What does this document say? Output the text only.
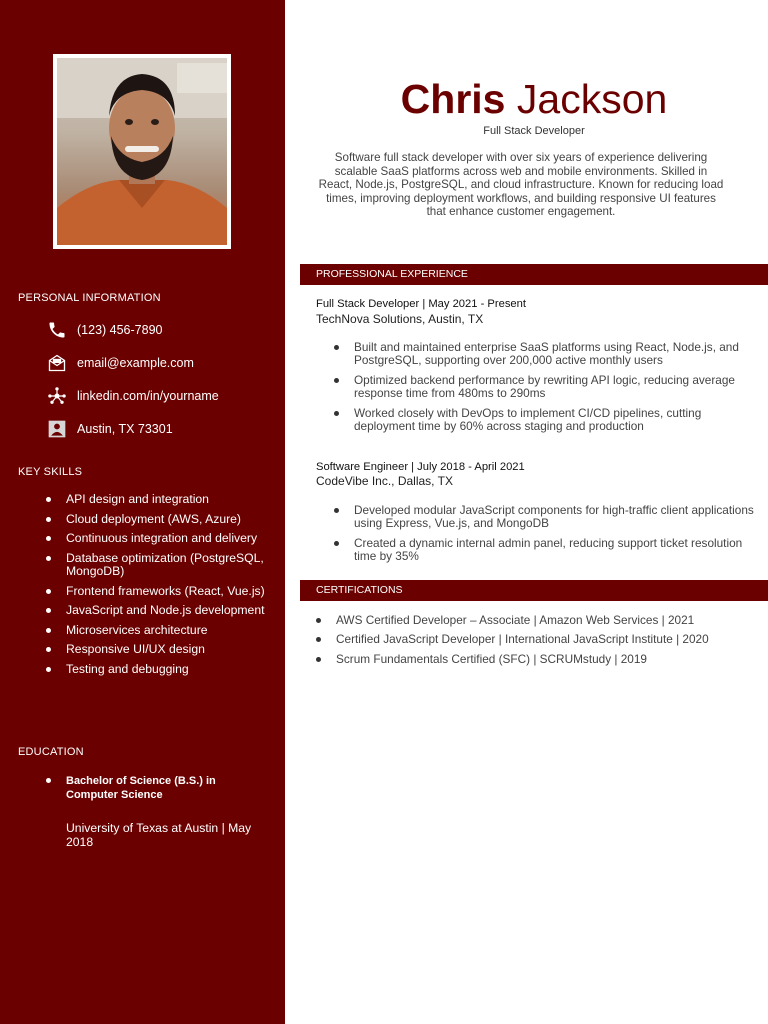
PERSONAL INFORMATION
(123) 456-7890
email@example.com
linkedin.com/in/yourname
Austin, TX 73301
KEY SKILLS
API design and integration
Cloud deployment (AWS, Azure)
Continuous integration and delivery
Database optimization (PostgreSQL, MongoDB)
Frontend frameworks (React, Vue.js)
JavaScript and Node.js development
Microservices architecture
Responsive UI/UX design
Testing and debugging
EDUCATION
Bachelor of Science (B.S.) in Computer Science
University of Texas at Austin | May 2018
Chris Jackson
Full Stack Developer
Software full stack developer with over six years of experience delivering scalable SaaS platforms across web and mobile environments. Skilled in React, Node.js, PostgreSQL, and cloud infrastructure. Known for reducing load times, improving deployment workflows, and building responsive UI features that enhance customer engagement.
PROFESSIONAL EXPERIENCE
Full Stack Developer | May 2021 - Present
TechNova Solutions, Austin, TX
Built and maintained enterprise SaaS platforms using React, Node.js, and PostgreSQL, supporting over 200,000 active monthly users
Optimized backend performance by rewriting API logic, reducing average response time from 480ms to 290ms
Worked closely with DevOps to implement CI/CD pipelines, cutting deployment time by 60% across staging and production
Software Engineer | July 2018 - April 2021
CodeVibe Inc., Dallas, TX
Developed modular JavaScript components for high-traffic client applications using Express, Vue.js, and MongoDB
Created a dynamic internal admin panel, reducing support ticket resolution time by 35%
CERTIFICATIONS
AWS Certified Developer – Associate | Amazon Web Services | 2021
Certified JavaScript Developer | International JavaScript Institute | 2020
Scrum Fundamentals Certified (SFC) | SCRUMstudy | 2019
